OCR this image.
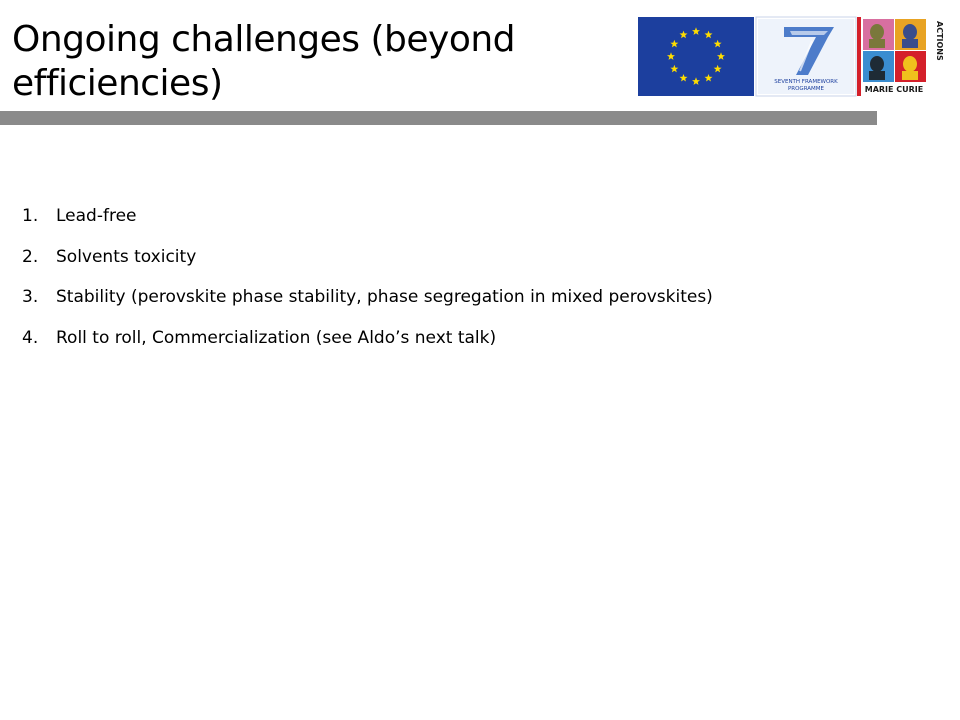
Ongoing challenges (beyond
efficiencies)	SEVENTH FRAMEWORK
PROGRAMME	MARIE CURIE
ACTIONS
1.	Lead-free
2.	Solvents toxicity
3.	Stability (perovskite phase stability, phase segregation in mixed perovskites)
4.	Roll to roll, Commercialization (see Aldo’s next talk)
